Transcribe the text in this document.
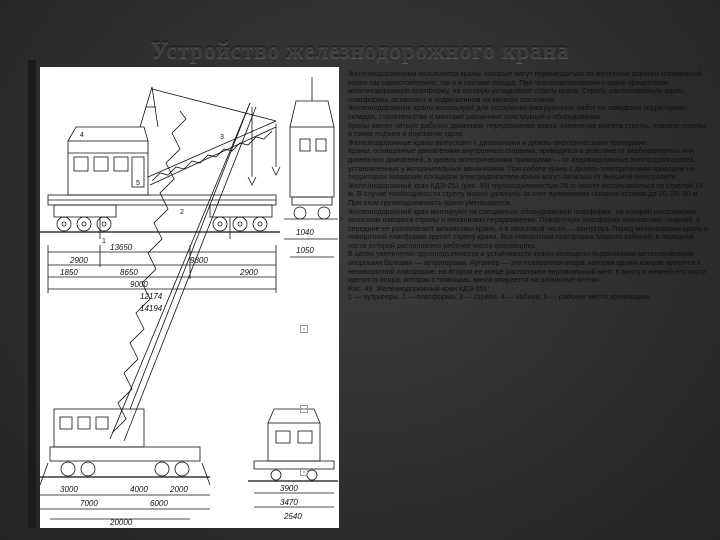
Устройство железнодорожного крана
13650
9800
2900
2900
1850	8650
9000
12174
14194
1050
1040
3000	4000	2000
7000	6000
20000
3900
3470
2540
1
2
3
4
5

Железнодорожными называются краны, которые могут перемещаться по железным дорогам нормальной колеи как самостоятельно, так и в составе поезда. При транспортировании к крану прицепляют железнодорожную платформу, на которую укладывают стрелу крана. Стрелу, расположенную вдоль платформы, оставляют в подвешенном на канатах состоянии.

Железнодорожные краны используют для погрузочно-разгрузочных работ на заводских территориях, складах, строительстве и монтаже различных конструкций и оборудования.

Краны имеют четыре рабочих движения: передвижение крана, изменение вылета стрелы, поворот стрелы, а также подъем и опускание груза.

Железнодорожные краны выпускают с дизельными и дизель-электрическими приводами.

Краны, оснащенные двигателями внутреннего сгорания, приводятся в действие от карбюраторных или дизельных двигателей, а дизель-электрическими приводами — от индивидуальных электродвигателей, установленных у исполнительных механизмов. При работе крана с дизель-электрическим приводом на территории заводских площадок электродвигатели крана могут питаться от внешней электросети.

Железнодорожный кран КДЭ-251 (рис. 49) грузоподъемностью 25 тс может использоваться со стрелой 15 м. В случае необходимости стрелу можно удлинить за счет применения типовых вставок до 20, 25, 30 м. При этом грузоподъемность крана уменьшается.

Железнодорожный кран монтируют на специально оборудованной платформе, на которой располагают механизм поворота стрелы и механизмы передвижения. Поворотную платформу изготовляют сварной, в середине ее располагают механизмы крана, а в хвостовой части — контргруз. Перед механизмами крана в поворотной платформе крепят стрелу крана. Вся поворотная платформа закрыта кабиной, в передней части которой расположено рабочее место крановщика.

В целях увеличения грузоподъемности и устойчивости краны оснащены выдвижными металлическими опорными балками — аутригерами. Аутригер — это поворотная опора, которая одним концом крепится к неповоротной платформе, на втором ее конце расположен вертикальный винт. К винту в нижней его части крепится опора, которая с помощью, винта опирается на шпальные клетки.

Рис. 49. Железнодорожный кран КДЭ-251:

1 — аутригеры, 2 — платформа, 3 — стрела, 4 — кабина, 5 — рабочее место крановщика
